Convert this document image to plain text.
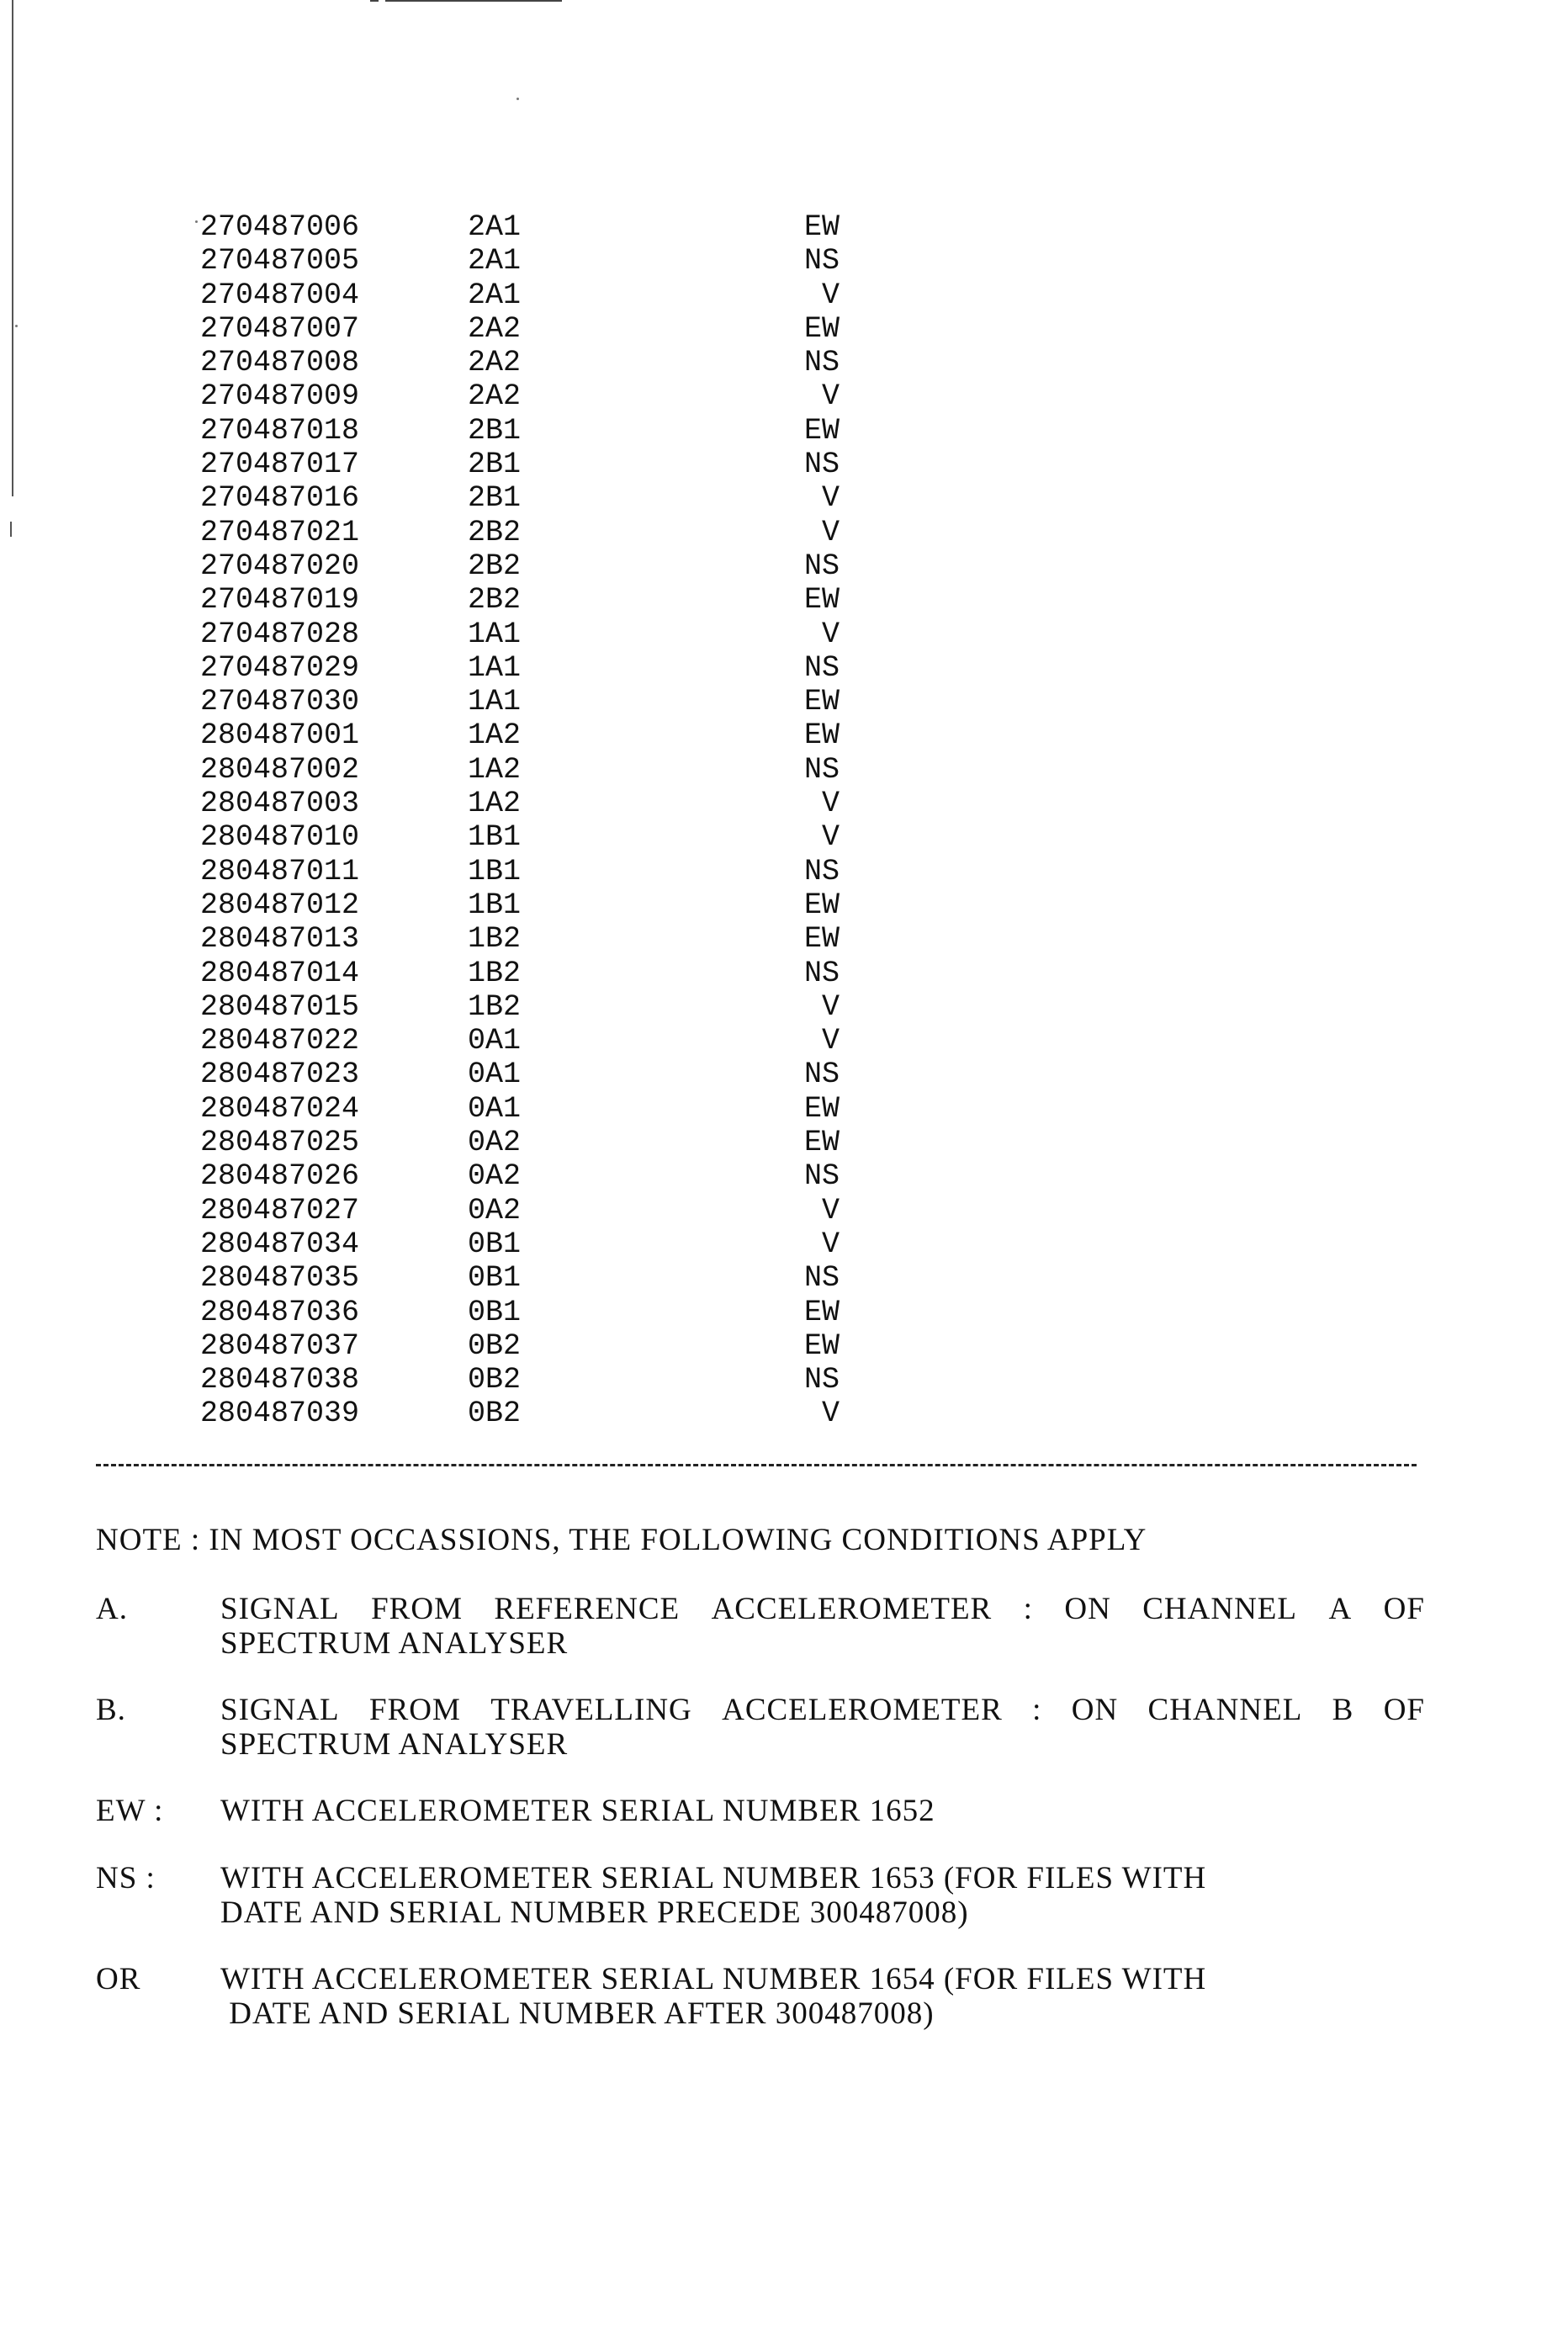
270487006	2A1	EW
270487005	2A1	NS
270487004	2A1	V
270487007	2A2	EW
270487008	2A2	NS
270487009	2A2	V
270487018	2B1	EW
270487017	2B1	NS
270487016	2B1	V
270487021	2B2	V
270487020	2B2	NS
270487019	2B2	EW
270487028	1A1	V
270487029	1A1	NS
270487030	1A1	EW
280487001	1A2	EW
280487002	1A2	NS
280487003	1A2	V
280487010	1B1	V
280487011	1B1	NS
280487012	1B1	EW
280487013	1B2	EW
280487014	1B2	NS
280487015	1B2	V
280487022	0A1	V
280487023	0A1	NS
280487024	0A1	EW
280487025	0A2	EW
280487026	0A2	NS
280487027	0A2	V
280487034	0B1	V
280487035	0B1	NS
280487036	0B1	EW
280487037	0B2	EW
280487038	0B2	NS
280487039	0B2	V
NOTE : IN MOST OCCASSIONS, THE FOLLOWING CONDITIONS APPLY
A.	SIGNAL FROM REFERENCE ACCELEROMETER : ON CHANNEL A OF
SPECTRUM ANALYSER
B.	SIGNAL FROM TRAVELLING ACCELEROMETER : ON CHANNEL B OF
SPECTRUM ANALYSER
EW : WITH ACCELEROMETER SERIAL NUMBER 1652
NS : WITH ACCELEROMETER SERIAL NUMBER 1653 (FOR FILES WITH
DATE AND SERIAL NUMBER PRECEDE 300487008)
OR	WITH ACCELEROMETER SERIAL NUMBER 1654 (FOR FILES WITH
DATE AND SERIAL NUMBER AFTER 300487008)
